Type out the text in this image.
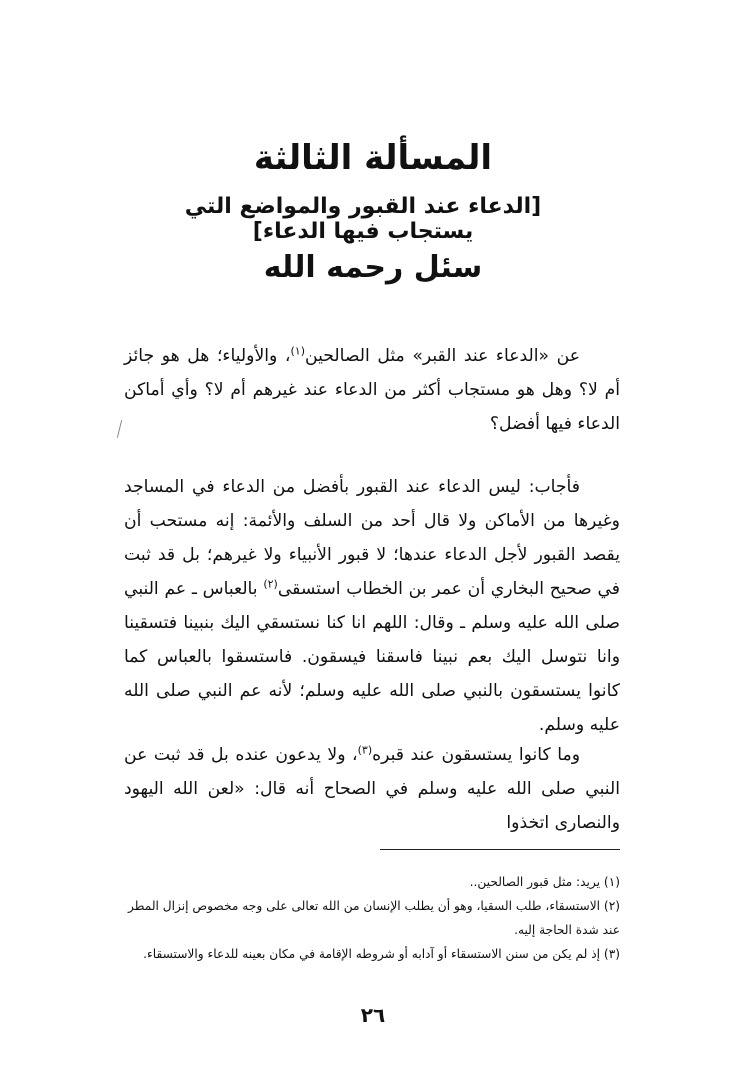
المسألة الثالثة
[الدعاء عند القبور والمواضع التي يستجاب فيها الدعاء]
سئل رحمه الله

عن «الدعاء عند القبر» مثل الصالحين$^{(١)}$، والأولياء؛ هل هو جائز أم لا؟ وهل هو مستجاب أكثر من الدعاء عند غيرهم أم لا؟ وأي أماكن الدعاء فيها أفضل؟

فأجاب: ليس الدعاء عند القبور بأفضل من الدعاء في المساجد وغيرها من الأماكن ولا قال أحد من السلف والأئمة: إنه مستحب أن يقصد القبور لأجل الدعاء عندها؛ لا قبور الأنبياء ولا غيرهم؛ بل قد ثبت في صحيح البخاري أن عمر بن الخطاب استسقى$^{(٢)}$ بالعباس ـ عم النبي صلى الله عليه وسلم ـ وقال: اللهم انا كنا نستسقي اليك بنبينا فتسقينا وانا نتوسل اليك بعم نبينا فاسقنا فيسقون. فاستسقوا بالعباس كما كانوا يستسقون بالنبي صلى الله عليه وسلم؛ لأنه عم النبي صلى الله عليه وسلم.

وما كانوا يستسقون عند قبره$^{(٣)}$، ولا يدعون عنده بل قد ثبت عن النبي صلى الله عليه وسلم في الصحاح أنه قال: «لعن الله اليهود والنصارى اتخذوا

(١) يريد: مثل قبور الصالحين..

(٢) الاستسقاء، طلب السقيا، وهو أن يطلب الإنسان من الله تعالى على وجه مخصوص إنزال المطر عند شدة الحاجة إليه.

(٣) إذ لم يكن من سنن الاستسقاء أو آدابه أو شروطه الإقامة في مكان بعينه للدعاء والاستسقاء.

٢٦
